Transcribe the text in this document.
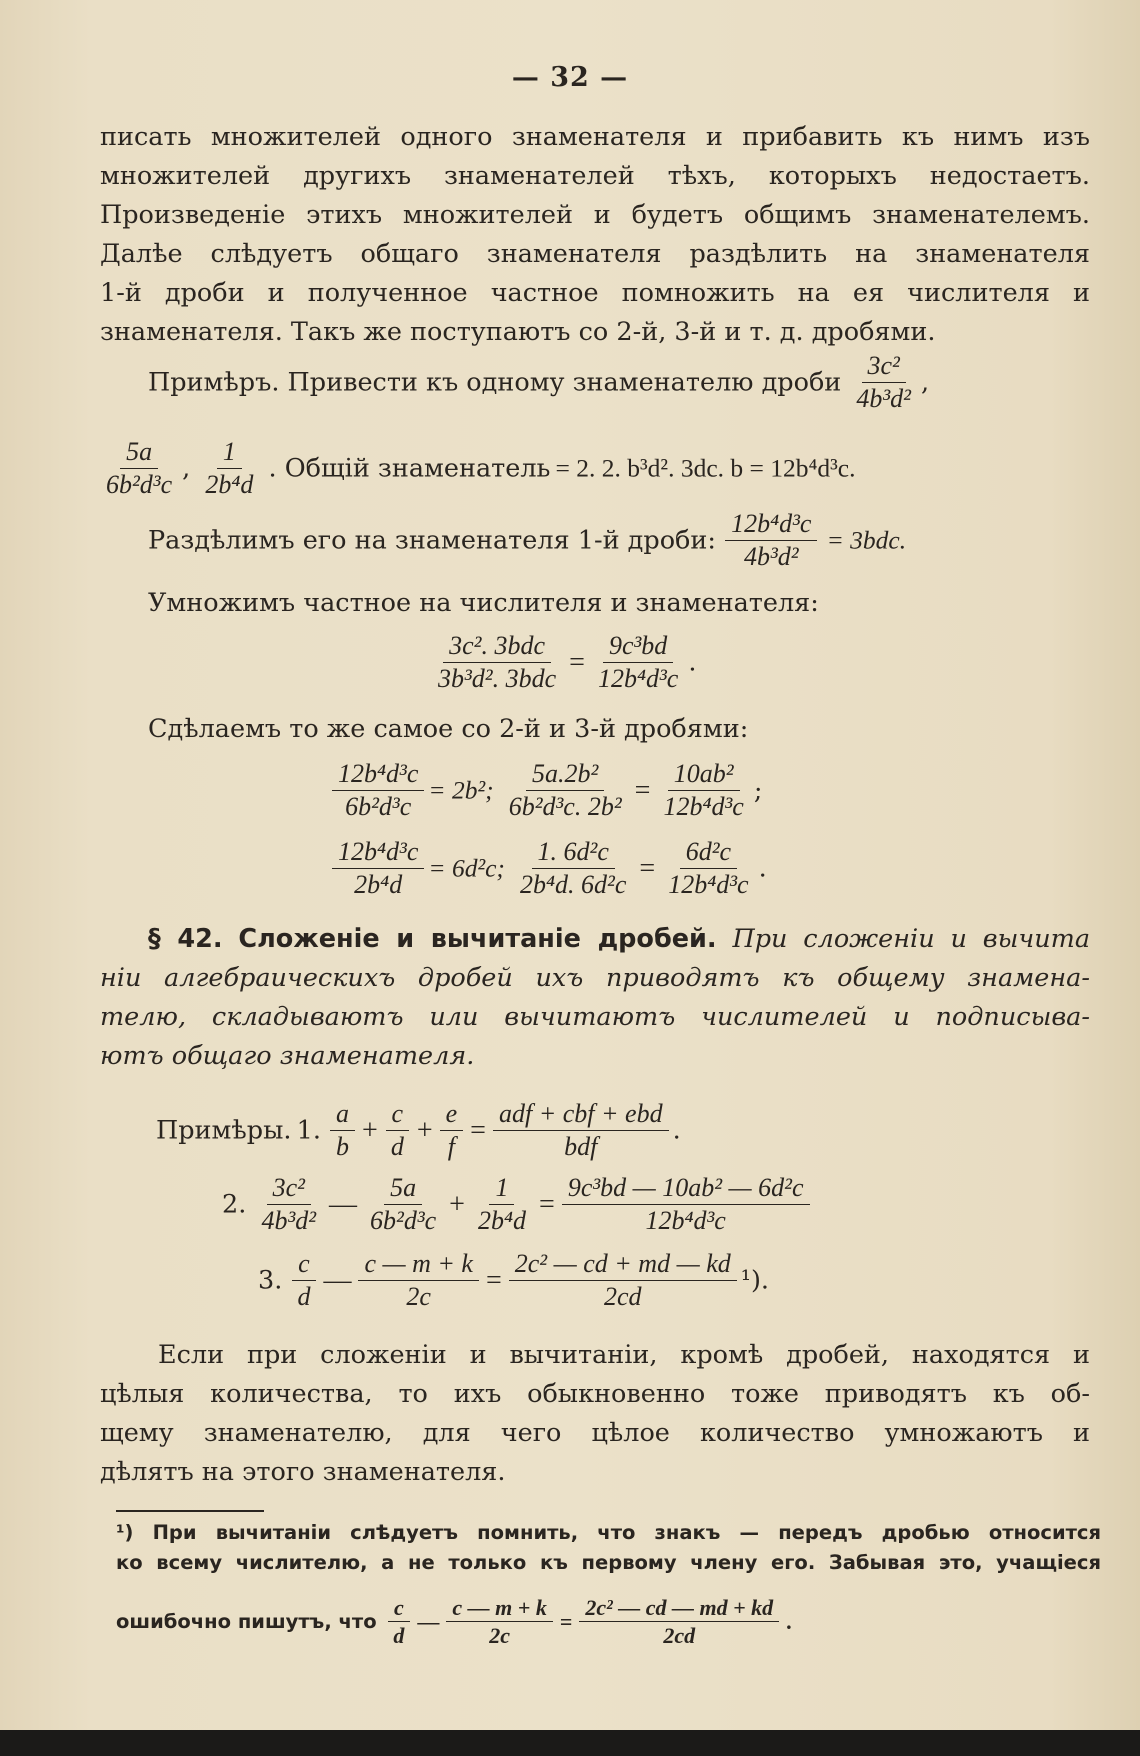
— 32 —
писать множителей одного знаменателя и прибавить къ нимъ изъ
множителей другихъ знаменателей тѣхъ, которыхъ недостаетъ.
Произведеніе этихъ множителей и будетъ общимъ знаменателемъ.
Далѣе слѣдуетъ общаго знаменателя раздѣлить на знаменателя
1-й дроби и полученное частное помножить на ея числителя и
знаменателя. Такъ же поступаютъ со 2-й, 3-й и т. д. дробями.
Примѣръ. Привести къ одному знаменателю дроби $\frac{\text{3c²}}{\text{4b³d²}}$ ,
$\frac{5a}{\text{6b²d³c}}$ , $\frac{1}{\text{2b⁴d}}$ . Общій знаменатель = 2. 2. b³d². 3dc. b = 12b⁴d³c.
Раздѣлимъ его на знаменателя 1-й дроби: $\frac{\text{12b⁴d³c}}{\text{4b³d²}} = 3bdc$.
Умножимъ частное на числителя и знаменателя:
$\frac{\text{3c². 3bdc}}{\text{3b³d². 3bdc}} = \frac{\text{9c³bd}}{\text{12b⁴d³c}}$ .
Сдѣлаемъ то же самое со 2-й и 3-й дробями:
$\frac{\text{12b⁴d³c}}{\text{6b²d³c}} = 2b^2$; $\frac{\text{5a.2b²}}{\text{6b²d³c. 2b²}} = \frac{\text{10ab²}}{\text{12b⁴d³c}}$ ;
$\frac{\text{12b⁴d³c}}{\text{2b⁴d}} = 6d^2c$; $\frac{\text{1. 6d²c}}{\text{2b⁴d. 6d²c}} = \frac{\text{6d²c}}{\text{12b⁴d³c}}$ .
§ 42. Сложеніе и вычитаніе дробей. При сложеніи и вычита
ніи алгебраическихъ дробей ихъ приводятъ къ общему знамена-
телю, складываютъ или вычитаютъ числителей и подписыва-
ютъ общаго знаменателя.
Примѣры. 1. $\frac{a}{b} + \frac{c}{d} + \frac{e}{f} = \frac{\text{adf + cbf + ebd}}{\text{bdf}}$ .
2. $\frac{\text{3c²}}{\text{4b³d²}}$ — $\frac{5a}{\text{6b²d³c}} + \frac{1}{\text{2b⁴d}} = \frac{\text{9c³bd — 10ab² — 6d²c}}{\text{12b⁴d³c}}$
3. $\frac{c}{d}$ — $\frac{c — m + k}{2c} = \frac{\text{2c² — cd + md — kd}}{2cd} ^1$).
Если при сложеніи и вычитаніи, кромѣ дробей, находятся и
цѣлыя количества, то ихъ обыкновенно тоже приводятъ къ об-
щему знаменателю, для чего цѣлое количество умножаютъ и
дѣлятъ на этого знаменателя.
¹) При вычитаніи слѣдуетъ помнить, что знакъ — передъ дробью относится
ко всему числителю, а не только къ первому члену его. Забывая это, учащіеся
ошибочно пишутъ, что $\frac{c}{d}$ — $\frac{c — m + k}{2c} = \frac{\text{2c² — cd — md + kd}}{2cd}$ .
